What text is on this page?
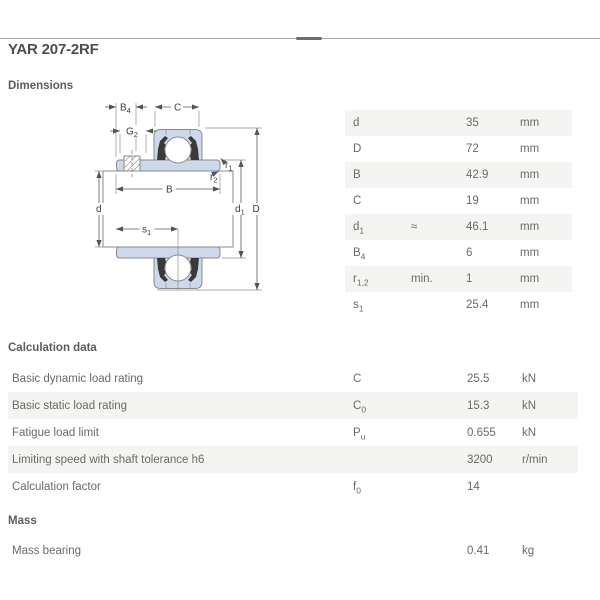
YAR 207-2RF
Dimensions
$B_4$	C
$G_2$
$r_1$
$r_2$
B
d
$s_1$
$d_1$ D
d	35	mm
D	72	mm
B	42.9	mm
C	19	mm
$d_1$	≈	46.1	mm
$B_4$	6	mm
$r_{1,2}$	min.	1	mm
$s_1$	25.4	mm
Calculation data
Basic dynamic load rating	C	25.5	kN
Basic static load rating	$C_0$	15.3	kN
Fatigue load limit	$P_u$	0.655	kN
Limiting speed with shaft tolerance h6	3200	r/min
Calculation factor	$f_0$	14
Mass
Mass bearing	0.41	kg
